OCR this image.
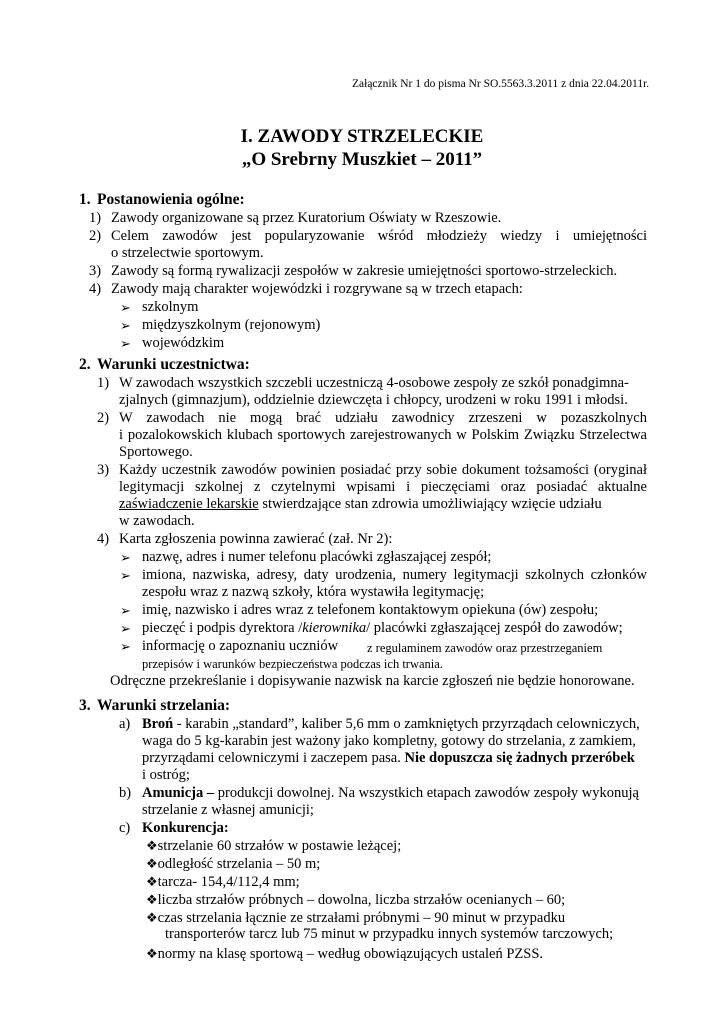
Załącznik Nr 1 do pisma Nr SO.5563.3.2011 z dnia 22.04.2011r.
I. ZAWODY STRZELECKIE
„O Srebrny Muszkiet – 2011”
1. Postanowienia ogólne:
1) Zawody organizowane są przez Kuratorium Oświaty w Rzeszowie.
2) Celem zawodów jest popularyzowanie wśród młodzieży wiedzy i umiejętności
o strzelectwie sportowym.
3) Zawody są formą rywalizacji zespołów w zakresie umiejętności sportowo-strzeleckich.
4) Zawody mają charakter wojewódzki i rozgrywane są w trzech etapach:
➢ szkolnym
➢ międzyszkolnym (rejonowym)
➢ wojewódzkim
2. Warunki uczestnictwa:
1) W zawodach wszystkich szczebli uczestniczą 4-osobowe zespoły ze szkół ponadgimna-
zjalnych (gimnazjum), oddzielnie dziewczęta i chłopcy, urodzeni w roku 1991 i młodsi.
2) W zawodach nie mogą brać udziału zawodnicy zrzeszeni w pozaszkolnych
i pozalokowskich klubach sportowych zarejestrowanych w Polskim Związku Strzelectwa
Sportowego.
3) Każdy uczestnik zawodów powinien posiadać przy sobie dokument tożsamości (oryginał
legitymacji szkolnej z czytelnymi wpisami i pieczęciami oraz posiadać aktualne
zaświadczenie lekarskie stwierdzające stan zdrowia umożliwiający wzięcie udziału
w zawodach.
4) Karta zgłoszenia powinna zawierać (zał. Nr 2):
➢ nazwę, adres i numer telefonu placówki zgłaszającej zespół;
➢ imiona, nazwiska, adresy, daty urodzenia, numery legitymacji szkolnych członków
zespołu wraz z nazwą szkoły, która wystawiła legitymację;
➢ imię, nazwisko i adres wraz z telefonem kontaktowym opiekuna (ów) zespołu;
➢ pieczęć i podpis dyrektora /kierownika/ placówki zgłaszającej zespół do zawodów;
➢ informację o zapoznaniu uczniów z regulaminem zawodów oraz przestrzeganiem
przepisów i warunków bezpieczeństwa podczas ich trwania.
Odręczne przekreślanie i dopisywanie nazwisk na karcie zgłoszeń nie będzie honorowane.
3. Warunki strzelania:
a) Broń - karabin „standard”, kaliber 5,6 mm o zamkniętych przyrządach celowniczych,
waga do 5 kg-karabin jest ważony jako kompletny, gotowy do strzelania, z zamkiem,
przyrządami celowniczymi i zaczepem pasa. Nie dopuszcza się żadnych przeróbek
i ostróg;
b) Amunicja – produkcji dowolnej. Na wszystkich etapach zawodów zespoły wykonują
strzelanie z własnej amunicji;
c) Konkurencja:
❖strzelanie 60 strzałów w postawie leżącej;
❖odległość strzelania – 50 m;
❖tarcza- 154,4/112,4 mm;
❖liczba strzałów próbnych – dowolna, liczba strzałów ocenianych – 60;
❖czas strzelania łącznie ze strzałami próbnymi – 90 minut w przypadku
transporterów tarcz lub 75 minut w przypadku innych systemów tarczowych;
❖normy na klasę sportową – według obowiązujących ustaleń PZSS.
